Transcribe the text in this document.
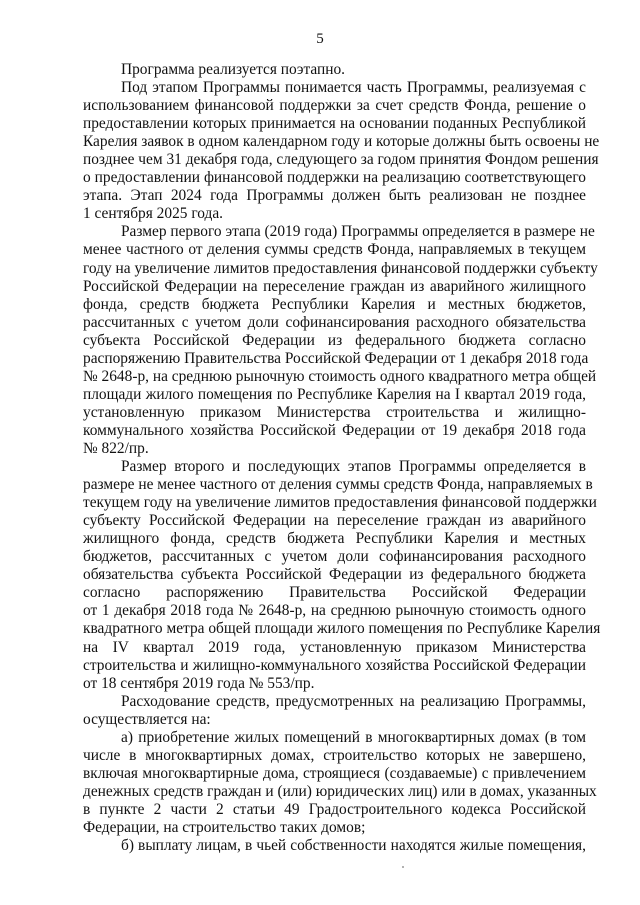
5
Программа реализуется поэтапно.
Под этапом Программы понимается часть Программы, реализуемая с
использованием финансовой поддержки за счет средств Фонда, решение о
предоставлении которых принимается на основании поданных Республикой
Карелия заявок в одном календарном году и которые должны быть освоены не
позднее чем 31 декабря года, следующего за годом принятия Фондом решения
о предоставлении финансовой поддержки на реализацию соответствующего
этапа. Этап 2024 года Программы должен быть реализован не позднее
1 сентября 2025 года.
Размер первого этапа (2019 года) Программы определяется в размере не
менее частного от деления суммы средств Фонда, направляемых в текущем
году на увеличение лимитов предоставления финансовой поддержки субъекту
Российской Федерации на переселение граждан из аварийного жилищного
фонда, средств бюджета Республики Карелия и местных бюджетов,
рассчитанных с учетом доли софинансирования расходного обязательства
субъекта Российской Федерации из федерального бюджета согласно
распоряжению Правительства Российской Федерации от 1 декабря 2018 года
№ 2648-р, на среднюю рыночную стоимость одного квадратного метра общей
площади жилого помещения по Республике Карелия на I квартал 2019 года,
установленную приказом Министерства строительства и жилищно-
коммунального хозяйства Российской Федерации от 19 декабря 2018 года
№ 822/пр.
Размер второго и последующих этапов Программы определяется в
размере не менее частного от деления суммы средств Фонда, направляемых в
текущем году на увеличение лимитов предоставления финансовой поддержки
субъекту Российской Федерации на переселение граждан из аварийного
жилищного фонда, средств бюджета Республики Карелия и местных
бюджетов, рассчитанных с учетом доли софинансирования расходного
обязательства субъекта Российской Федерации из федерального бюджета
согласно распоряжению Правительства Российской Федерации
от 1 декабря 2018 года № 2648-р, на среднюю рыночную стоимость одного
квадратного метра общей площади жилого помещения по Республике Карелия
на IV квартал 2019 года, установленную приказом Министерства
строительства и жилищно-коммунального хозяйства Российской Федерации
от 18 сентября 2019 года № 553/пр.
Расходование средств, предусмотренных на реализацию Программы,
осуществляется на:
а) приобретение жилых помещений в многоквартирных домах (в том
числе в многоквартирных домах, строительство которых не завершено,
включая многоквартирные дома, строящиеся (создаваемые) с привлечением
денежных средств граждан и (или) юридических лиц) или в домах, указанных
в пункте 2 части 2 статьи 49 Градостроительного кодекса Российской
Федерации, на строительство таких домов;
б) выплату лицам, в чьей собственности находятся жилые помещения,
